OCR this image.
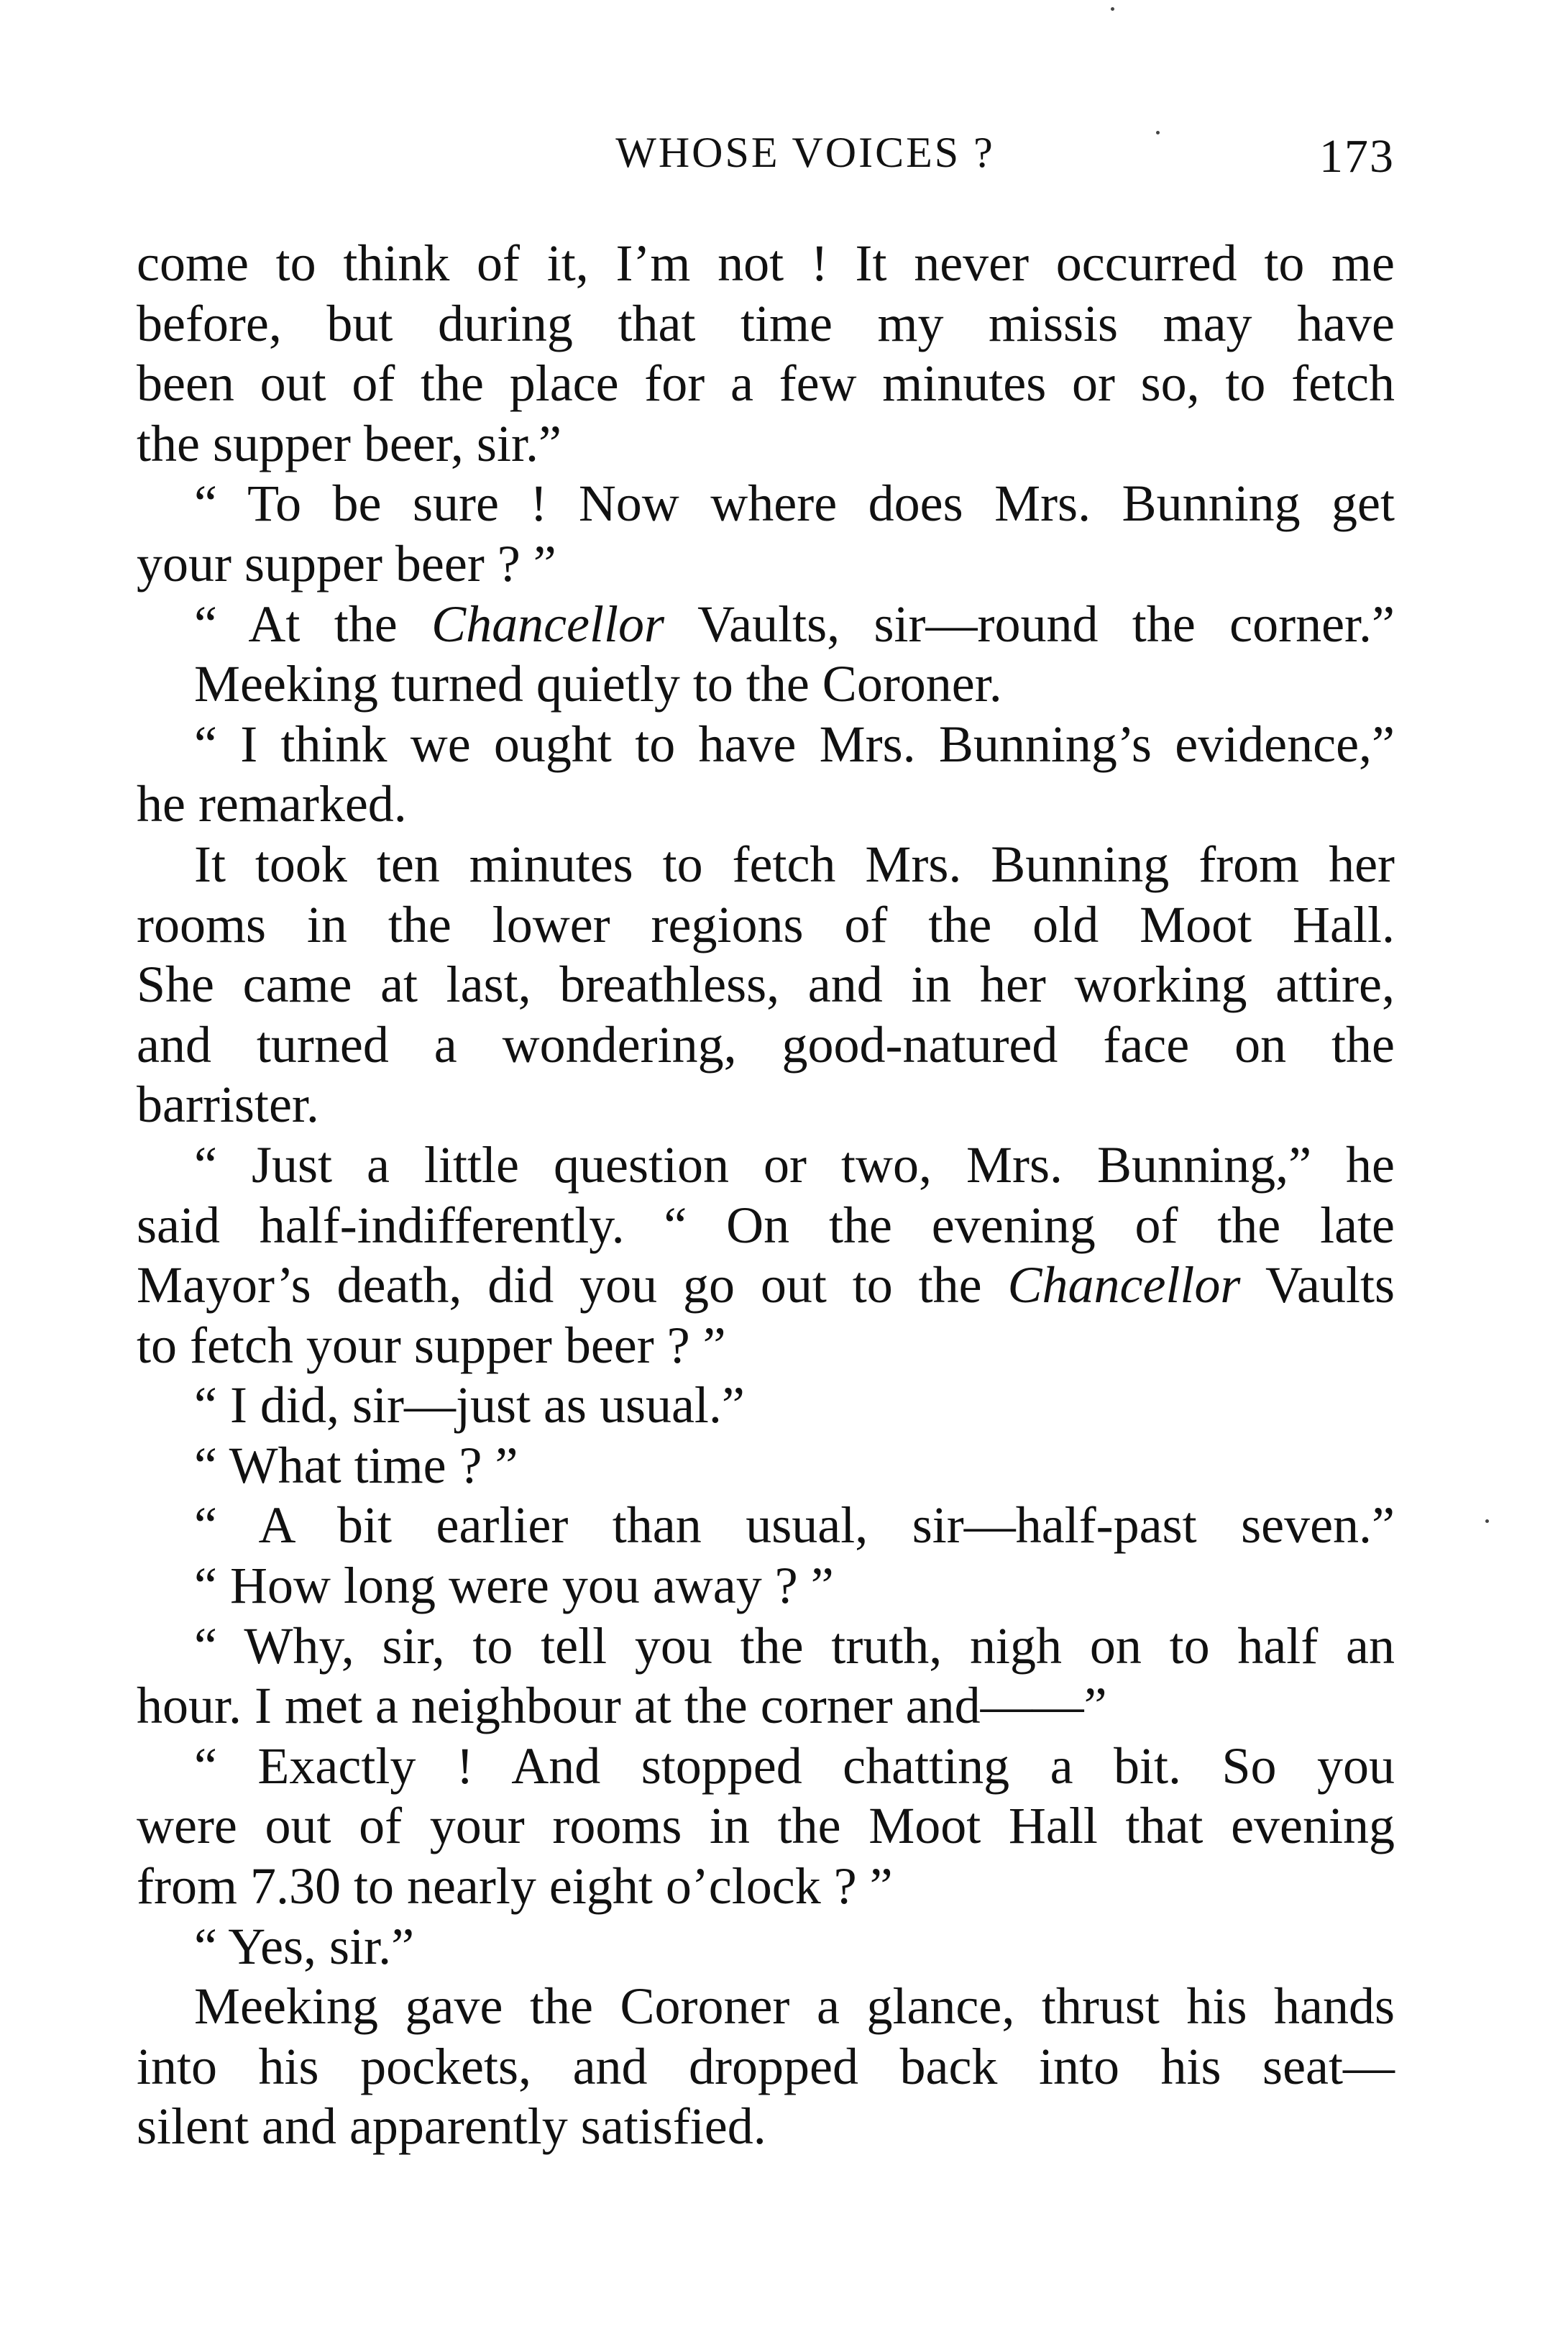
WHOSE VOICES ?	173
come to think of it, I’m not ! It never occurred to me
before, but during that time my missis may have
been out of the place for a few minutes or so, to fetch
the supper beer, sir.”
“ To be sure ! Now where does Mrs. Bunning get
your supper beer ? ”
“ At the Chancellor Vaults, sir—round the corner.”
Meeking turned quietly to the Coroner.
“ I think we ought to have Mrs. Bunning’s evidence,”
he remarked.
It took ten minutes to fetch Mrs. Bunning from her
rooms in the lower regions of the old Moot Hall.
She came at last, breathless, and in her working attire,
and turned a wondering, good-natured face on the
barrister.
“ Just a little question or two, Mrs. Bunning,” he
said half-indifferently. “ On the evening of the late
Mayor’s death, did you go out to the Chancellor Vaults
to fetch your supper beer ? ”
“ I did, sir—just as usual.”
“ What time ? ”
“ A bit earlier than usual, sir—half-past seven.”
“ How long were you away ? ”
“ Why, sir, to tell you the truth, nigh on to half an
hour. I met a neighbour at the corner and——”
“ Exactly ! And stopped chatting a bit. So you
were out of your rooms in the Moot Hall that evening
from 7.30 to nearly eight o’clock ? ”
“ Yes, sir.”
Meeking gave the Coroner a glance, thrust his hands
into his pockets, and dropped back into his seat—
silent and apparently satisfied.
